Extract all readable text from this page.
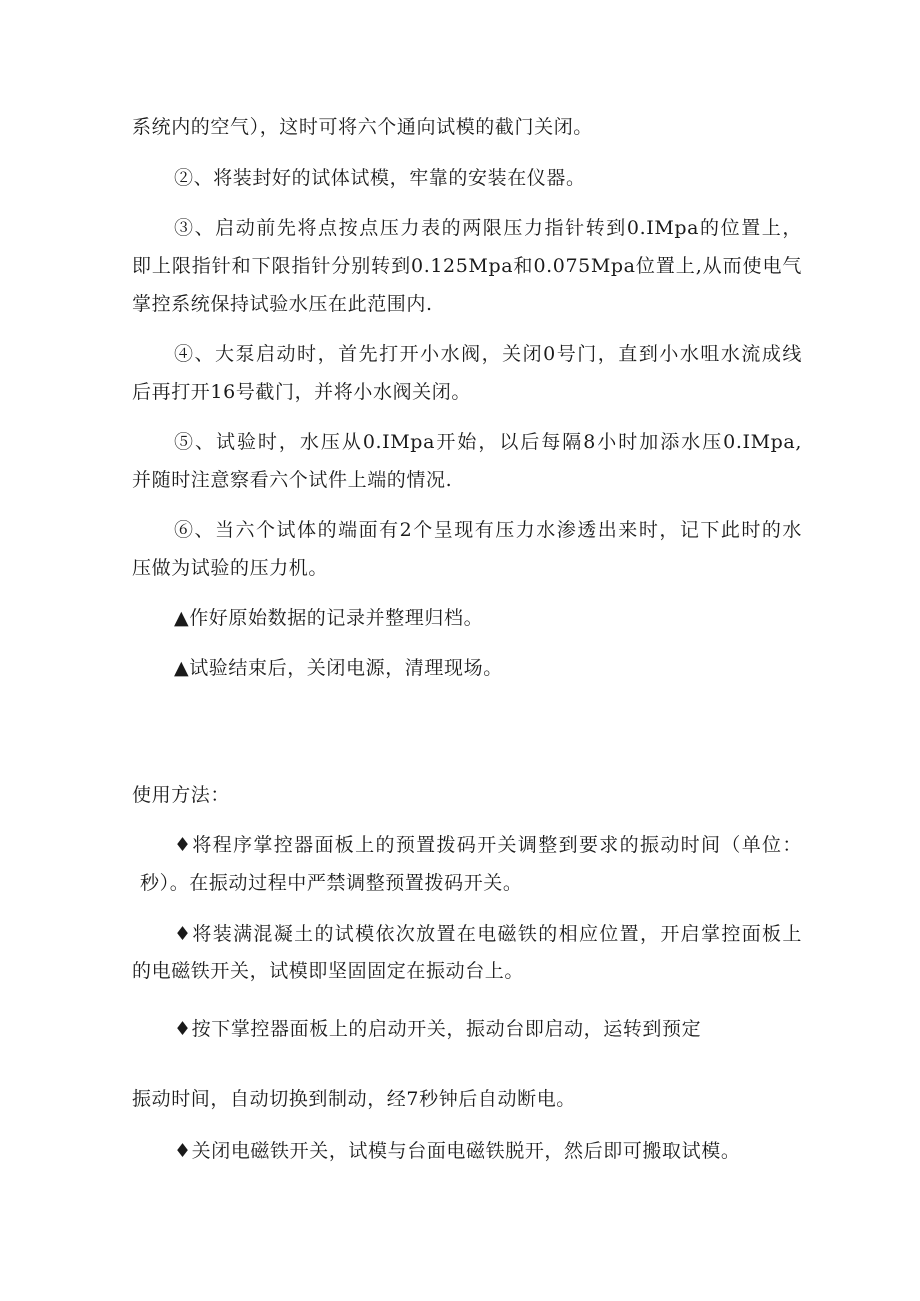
系统内的空气），这时可将六个通向试模的截门关闭。
②、将装封好的试体试模，牢靠的安装在仪器。
③、启动前先将点按点压力表的两限压力指针转到0.IMpa的位置上，
即上限指针和下限指针分别转到0.125Mpa和0.075Mpa位置上,从而使电气
掌控系统保持试验水压在此范围内.
④、大泵启动时，首先打开小水阀，关闭0号门，直到小水咀水流成线
后再打开16号截门，并将小水阀关闭。
⑤、试验时，水压从0.IMpa开始，以后每隔8小时加添水压0.IMpa,
并随时注意察看六个试件上端的情况.
⑥、当六个试体的端面有2个呈现有压力水渗透出来时，记下此时的水
压做为试验的压力机。
▲作好原始数据的记录并整理归档。
▲试验结束后，关闭电源，清理现场。
使用方法：
♦将程序掌控器面板上的预置拨码开关调整到要求的振动时间（单位：
秒）。在振动过程中严禁调整预置拨码开关。
♦将装满混凝土的试模依次放置在电磁铁的相应位置，开启掌控面板上
的电磁铁开关，试模即坚固固定在振动台上。
♦按下掌控器面板上的启动开关，振动台即启动，运转到预定
振动时间，自动切换到制动，经7秒钟后自动断电。
♦关闭电磁铁开关，试模与台面电磁铁脱开，然后即可搬取试模。
